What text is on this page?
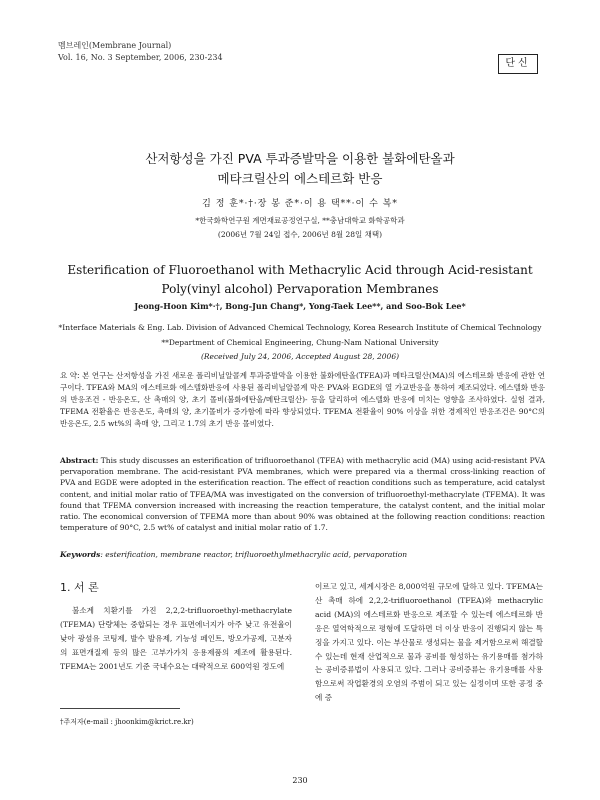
멤브레인(Membrane Journal)
Vol. 16, No. 3 September, 2006, 230-234
단신
산저항성을 가진 PVA 투과증발막을 이용한 불화에탄올과
메타크릴산의 에스테르화 반응
김 정 훈*·†·장 봉 준*·이 용 택**·이 수 복*
*한국화학연구원 계면재료공정연구실, **충남대학교 화학공학과
(2006년 7월 24일 접수, 2006년 8월 28일 채택)
Esterification of Fluoroethanol with Methacrylic Acid through Acid-resistant
Poly(vinyl alcohol) Pervaporation Membranes
Jeong-Hoon Kim*·†, Bong-Jun Chang*, Yong-Taek Lee**, and Soo-Bok Lee*
*Interface Materials & Eng. Lab. Division of Advanced Chemical Technology, Korea Research Institute of Chemical Technology
**Department of Chemical Engineering, Chung-Nam National University
(Received July 24, 2006, Accepted August 28, 2006)
요 약: 본 연구는 산저항성을 가진 새로운 폴리비닐알콜계 투과증발막을 이용한 불화에탄올(TFEA)과 메타크릴산(MA)의 에스테르화 반응에 관한 연구이다. TFEA와 MA의 에스테르화 에스텔화반응에 사용된 폴리비닐알콜계 막은 PVA와 EGDE의 열 가교반응을 통하여 제조되었다. 에스텔화 반응의 반응조건 - 반응온도, 산 촉매의 양, 초기 몰비(불화에탄올/메탄크릴산)- 등을 달리하여 에스텔화 반응에 미치는 영향을 조사하였다. 실험 결과, TFEMA 전환율은 반응온도, 촉매의 양, 초기몰비가 증가함에 따라 향상되었다. TFEMA 전환율이 90% 이상을 위한 경제적인 반응조건은 90°C의 반응온도, 2.5 wt%의 촉매 양, 그리고 1.7의 초기 반응 몰비였다.
Abstract: This study discusses an esterification of trifluoroethanol (TFEA) with methacrylic acid (MA) using acid-resistant PVA pervaporation membrane. The acid-resistant PVA membranes, which were prepared via a thermal cross-linking reaction of PVA and EGDE were adopted in the esterification reaction. The effect of reaction conditions such as temperature, acid catalyst content, and initial molar ratio of TFEA/MA was investigated on the conversion of trifluoroethyl-methacrylate (TFEMA). It was found that TFEMA conversion increased with increasing the reaction temperature, the catalyst content, and the initial molar ratio. The economical conversion of TFEMA more than about 90% was obtained at the following reaction conditions: reaction temperature of 90°C, 2.5 wt% of catalyst and initial molar ratio of 1.7.
Keywords: esterification, membrane reactor, trifluoroethylmethacrylic acid, pervaporation
1. 서 론
불소계 치환기를 가진 2,2,2-trifluoroethyl-methacrylate (TFEMA) 단량체는 중합되는 경우 표면에너지가 아주 낮고 유전율이 낮아 광섬유 코팅제, 발수 발유제, 기능성 페인트, 방오가공제, 고분자의 표면개질제 등의 많은 고부가가치 응용제품의 제조에 활용된다. TFEMA는 2001년도 기준 국내수요는 대략적으로 600억원 정도에
이르고 있고, 세계시장은 8,000억원 규모에 달하고 있다. TFEMA는 산 촉매 하에 2,2,2-trifluoroethanol (TFEA)와 methacrylic acid (MA)의 에스테르화 반응으로 제조할 수 있는데 에스테르화 반응은 열역학적으로 평형에 도달하면 더 이상 반응이 진행되지 않는 특징을 가지고 있다. 이는 부산물로 생성되는 물을 제거함으로써 해결할 수 있는데 현재 산업적으로 물과 공비를 형성하는 유기용매를 첨가하는 공비증류법이 사용되고 있다. 그러나 공비증류는 유기용매를 사용함으로써 작업환경의 오염의 주범이 되고 있는 실정이며 또한 공정 중에 증
†주저자(e-mail : jhoonkim@krict.re.kr)
230
